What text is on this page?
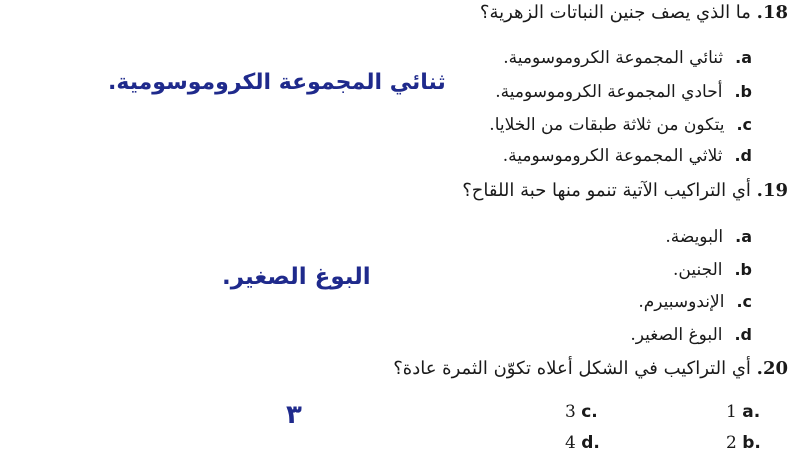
18. ما الذي يصف جنين النباتات الزهرية؟
a.ثنائي المجموعة الكروموسومية.
b.أحادي المجموعة الكروموسومية.
c.يتكون من ثلاثة طبقات من الخلايا.
d.ثلاثي المجموعة الكروموسومية.
ثنائي المجموعة الكروموسومية.
19. أي التراكيب الآتية تنمو منها حبة اللقاح؟
a.البويضة.
b.الجنين.
c.الإندوسبيرم.
d.البوغ الصغير.
البوغ الصغير.
20. أي التراكيب في الشكل أعلاه تكوّن الثمرة عادة؟
1 a.
2 b.
3 c.
4 d.
٣
